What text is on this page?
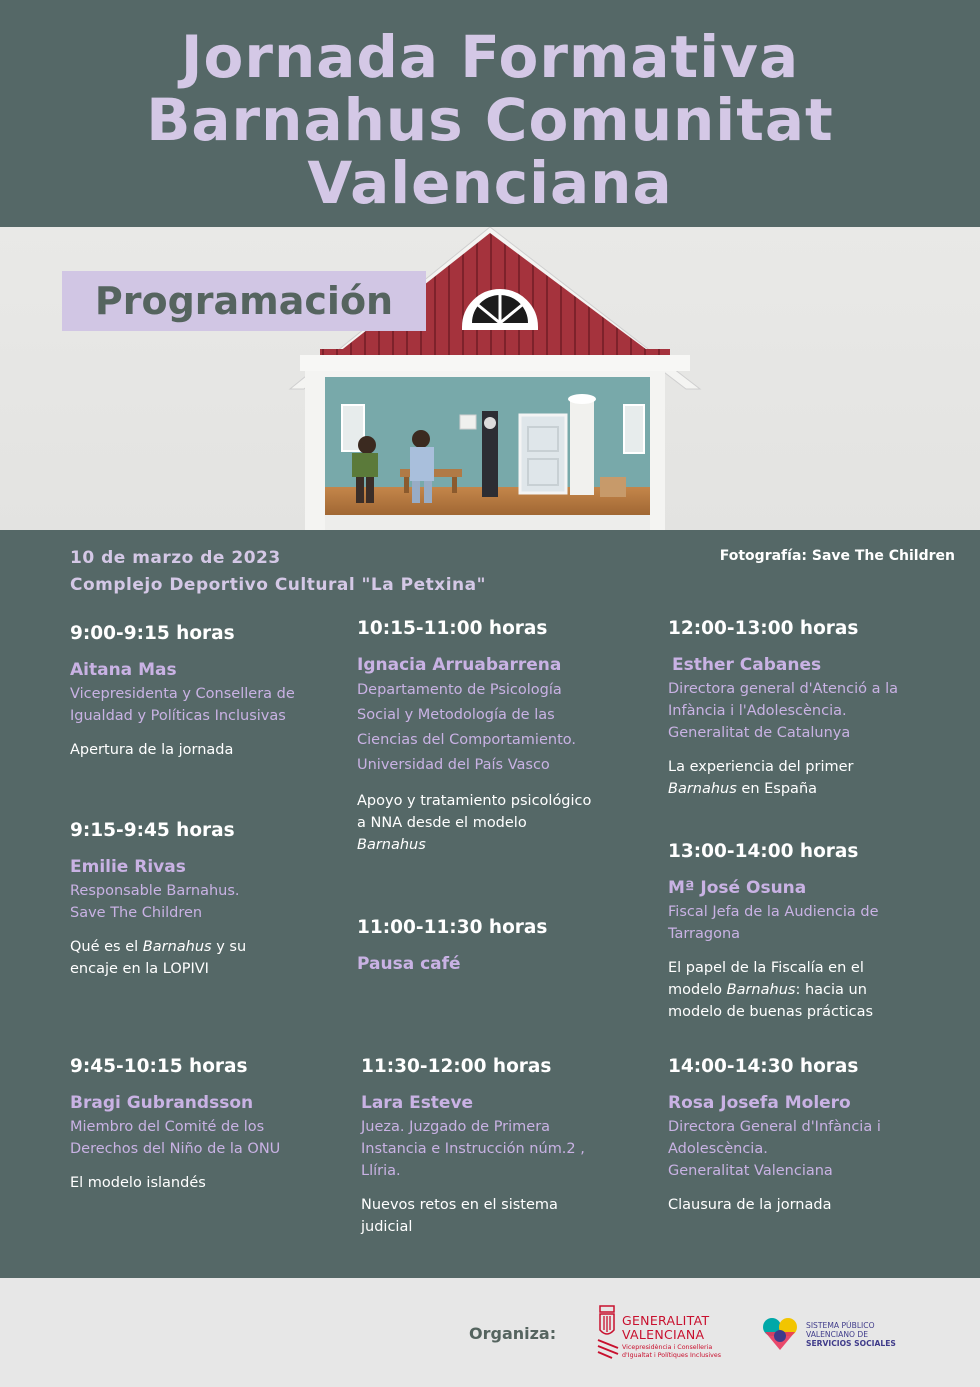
Jornada Formativa
Barnahus Comunitat
Valenciana
Programación
10 de marzo de 2023
Complejo Deportivo Cultural "La Petxina"
Fotografía: Save The Children
9:00-9:15 horas
Aitana Mas
Vicepresidenta y Consellera de
Igualdad y Políticas Inclusivas
Apertura de la jornada
9:15-9:45 horas
Emilie Rivas
Responsable Barnahus.
Save The Children
Qué es el Barnahus y su
encaje en la LOPIVI
9:45-10:15 horas
Bragi Gubrandsson
Miembro del Comité de los
Derechos del Niño de la ONU
El modelo islandés
10:15-11:00 horas
Ignacia Arruabarrena
Departamento de Psicología
Social y Metodología de las
Ciencias del Comportamiento.
Universidad del País Vasco
Apoyo y tratamiento psicológico
a NNA desde el modelo
Barnahus
11:00-11:30 horas
Pausa café
11:30-12:00 horas
Lara Esteve
Jueza. Juzgado de Primera
Instancia e Instrucción núm.2 ,
Llíria.
Nuevos retos en el sistema
judicial
12:00-13:00 horas
Esther Cabanes
Directora general d'Atenció a la
Infància i l'Adolescència.
Generalitat de Catalunya
La experiencia del primer
Barnahus en España
13:00-14:00 horas
Mª José Osuna
Fiscal Jefa de la Audiencia de
Tarragona
El papel de la Fiscalía en el
modelo Barnahus: hacia un
modelo de buenas prácticas
14:00-14:30 horas
Rosa Josefa Molero
Directora General d'Infància i
Adolescència.
Generalitat Valenciana
Clausura de la jornada
Organiza:
GENERALITAT
VALENCIANA
Vicepresidència i Conselleria
d'Igualtat i Polítiques Inclusives
SISTEMA PÚBLICO
VALENCIANO DE
SERVICIOS SOCIALES
